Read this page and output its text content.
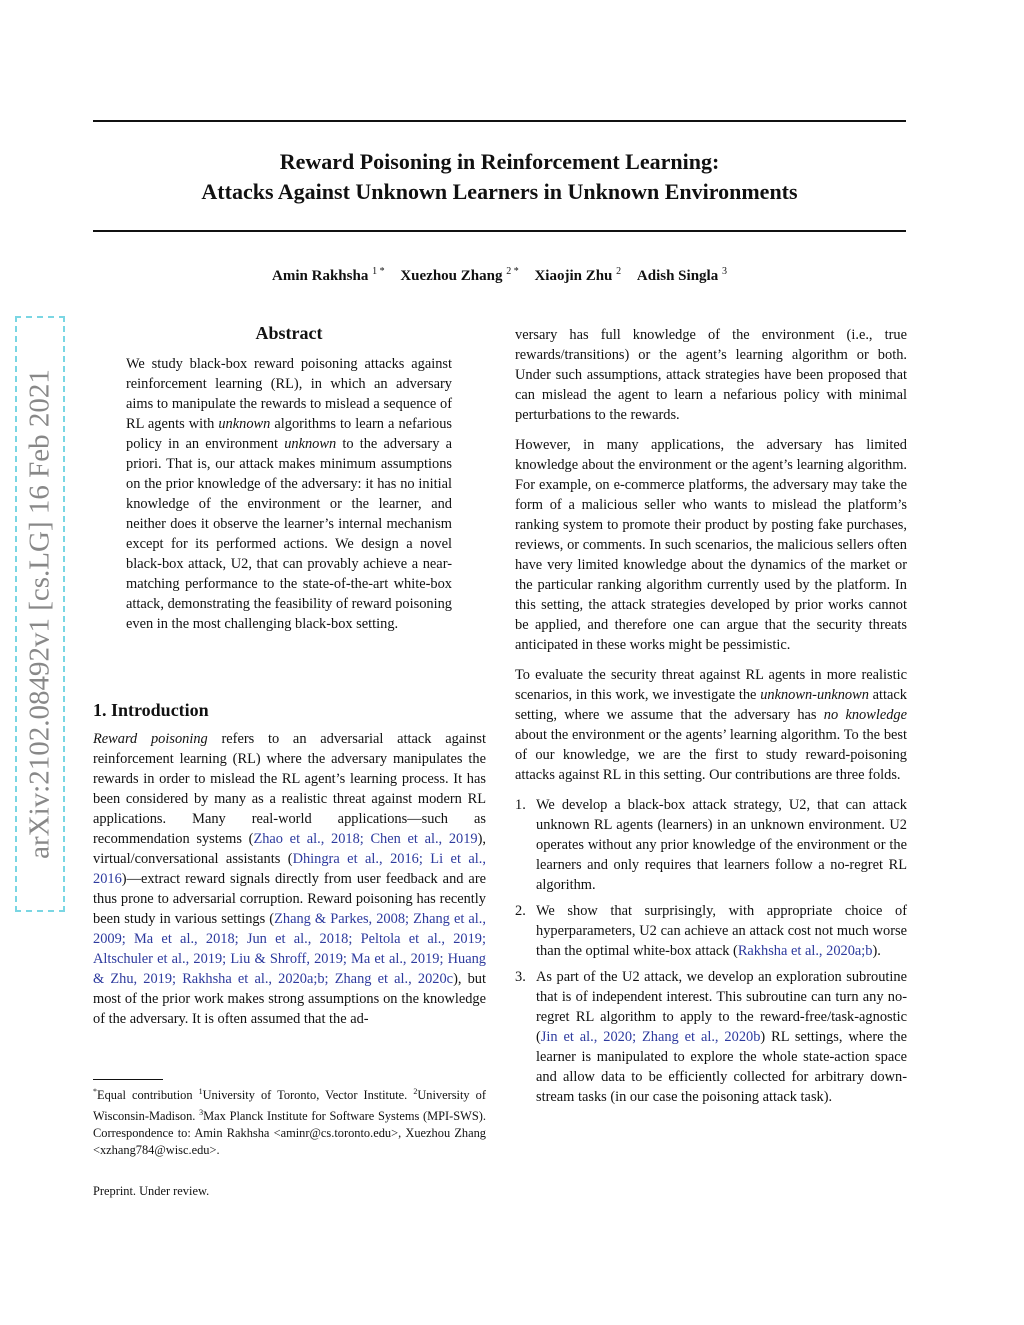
Reward Poisoning in Reinforcement Learning:
Attacks Against Unknown Learners in Unknown Environments
Amin Rakhsha $^{1 *}$ Xuezhou Zhang $^{2 *}$ Xiaojin Zhu $^2$ Adish Singla $^3$
arXiv:2102.08492v1 [cs.LG] 16 Feb 2021
Abstract
We study black-box reward poisoning attacks against reinforcement learning (RL), in which an adversary aims to manipulate the rewards to mislead a sequence of RL agents with unknown algorithms to learn a nefarious policy in an environment unknown to the adversary a priori. That is, our attack makes minimum assumptions on the prior knowledge of the adversary: it has no initial knowledge of the environment or the learner, and neither does it observe the learner’s internal mechanism except for its performed actions. We design a novel black-box attack, U2, that can provably achieve a near-matching performance to the state-of-the-art white-box attack, demonstrating the feasibility of reward poisoning even in the most challenging black-box setting.
1. Introduction
Reward poisoning refers to an adversarial attack against reinforcement learning (RL) where the adversary manipulates the rewards in order to mislead the RL agent’s learning process. It has been considered by many as a realistic threat against modern RL applications. Many real-world applications—such as recommendation systems (Zhao et al., 2018; Chen et al., 2019), virtual/conversational assistants (Dhingra et al., 2016; Li et al., 2016)—extract reward signals directly from user feedback and are thus prone to adversarial corruption. Reward poisoning has recently been study in various settings (Zhang & Parkes, 2008; Zhang et al., 2009; Ma et al., 2018; Jun et al., 2018; Peltola et al., 2019; Altschuler et al., 2019; Liu & Shroff, 2019; Ma et al., 2019; Huang & Zhu, 2019; Rakhsha et al., 2020a;b; Zhang et al., 2020c), but most of the prior work makes strong assumptions on the knowledge of the adversary. It is often assumed that the ad-
*Equal contribution $^1$University of Toronto, Vector Institute. $^2$University of Wisconsin-Madison. $^3$Max Planck Institute for Software Systems (MPI-SWS). Correspondence to: Amin Rakhsha <aminr@cs.toronto.edu>, Xuezhou Zhang <xzhang784@wisc.edu>.
Preprint. Under review.

versary has full knowledge of the environment (i.e., true rewards/transitions) or the agent’s learning algorithm or both. Under such assumptions, attack strategies have been proposed that can mislead the agent to learn a nefarious policy with minimal perturbations to the rewards.

However, in many applications, the adversary has limited knowledge about the environment or the agent’s learning algorithm. For example, on e-commerce platforms, the adversary may take the form of a malicious seller who wants to mislead the platform’s ranking system to promote their product by posting fake purchases, reviews, or comments. In such scenarios, the malicious sellers often have very limited knowledge about the dynamics of the market or the particular ranking algorithm currently used by the platform. In this setting, the attack strategies developed by prior works cannot be applied, and therefore one can argue that the security threats anticipated in these works might be pessimistic.

To evaluate the security threat against RL agents in more realistic scenarios, in this work, we investigate the unknown-unknown attack setting, where we assume that the adversary has no knowledge about the environment or the agents’ learning algorithm. To the best of our knowledge, we are the first to study reward-poisoning attacks against RL in this setting. Our contributions are three folds.

1. We develop a black-box attack strategy, U2, that can attack unknown RL agents (learners) in an unknown environment. U2 operates without any prior knowledge of the environment or the learners and only requires that learners follow a no-regret RL algorithm.
2. We show that surprisingly, with appropriate choice of hyperparameters, U2 can achieve an attack cost not much worse than the optimal white-box attack (Rakhsha et al., 2020a;b).
3. As part of the U2 attack, we develop an exploration subroutine that is of independent interest. This subroutine can turn any no-regret RL algorithm to apply to the reward-free/task-agnostic (Jin et al., 2020; Zhang et al., 2020b) RL settings, where the learner is manipulated to explore the whole state-action space and allow data to be efficiently collected for arbitrary down-stream tasks (in our case the poisoning attack task).
